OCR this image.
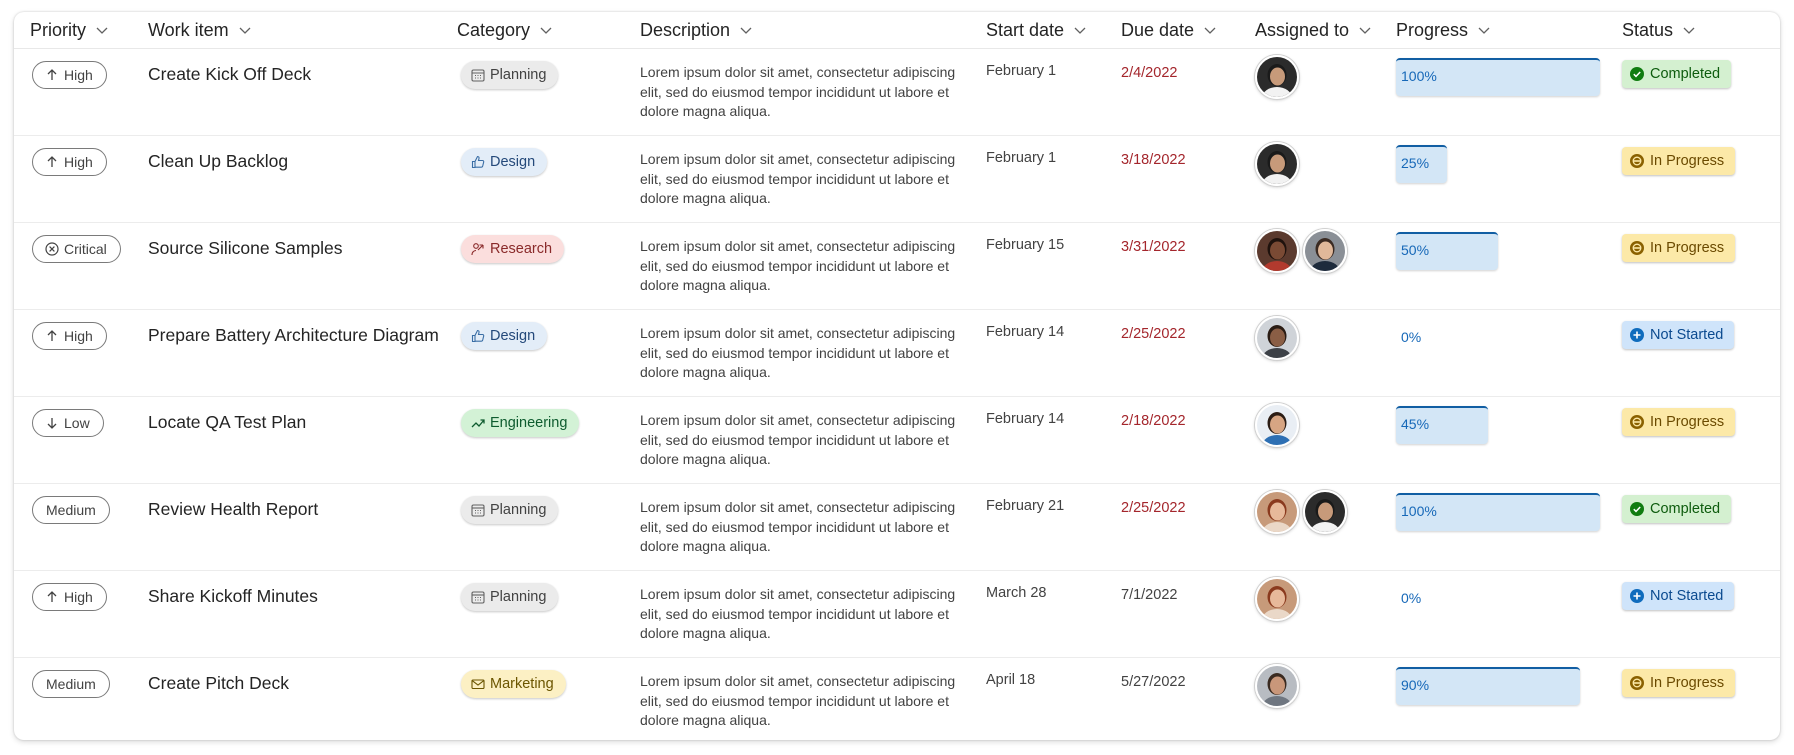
Priority	Work item	Category	Description	Start date	Due date	Assigned to	Progress	Status

High	Create Kick Off Deck	Planning	Lorem ipsum dolor sit amet, consectetur adipiscing elit, sed do eiusmod tempor incididunt ut labore et dolore magna aliqua.	February 1	2/4/2022		100%	Completed

High	Clean Up Backlog	Design	Lorem ipsum dolor sit amet, consectetur adipiscing elit, sed do eiusmod tempor incididunt ut labore et dolore magna aliqua.	February 1	3/18/2022		25%	In Progress

Critical	Source Silicone Samples	Research	Lorem ipsum dolor sit amet, consectetur adipiscing elit, sed do eiusmod tempor incididunt ut labore et dolore magna aliqua.	February 15	3/31/2022		50%	In Progress

High	Prepare Battery Architecture Diagram	Design	Lorem ipsum dolor sit amet, consectetur adipiscing elit, sed do eiusmod tempor incididunt ut labore et dolore magna aliqua.	February 14	2/25/2022		0%	Not Started

Low	Locate QA Test Plan	Engineering	Lorem ipsum dolor sit amet, consectetur adipiscing elit, sed do eiusmod tempor incididunt ut labore et dolore magna aliqua.	February 14	2/18/2022		45%	In Progress

Medium	Review Health Report	Planning	Lorem ipsum dolor sit amet, consectetur adipiscing elit, sed do eiusmod tempor incididunt ut labore et dolore magna aliqua.	February 21	2/25/2022		100%	Completed

High	Share Kickoff Minutes	Planning	Lorem ipsum dolor sit amet, consectetur adipiscing elit, sed do eiusmod tempor incididunt ut labore et dolore magna aliqua.	March 28	7/1/2022		0%	Not Started

Medium	Create Pitch Deck	Marketing	Lorem ipsum dolor sit amet, consectetur adipiscing elit, sed do eiusmod tempor incididunt ut labore et dolore magna aliqua.	April 18	5/27/2022		90%	In Progress
